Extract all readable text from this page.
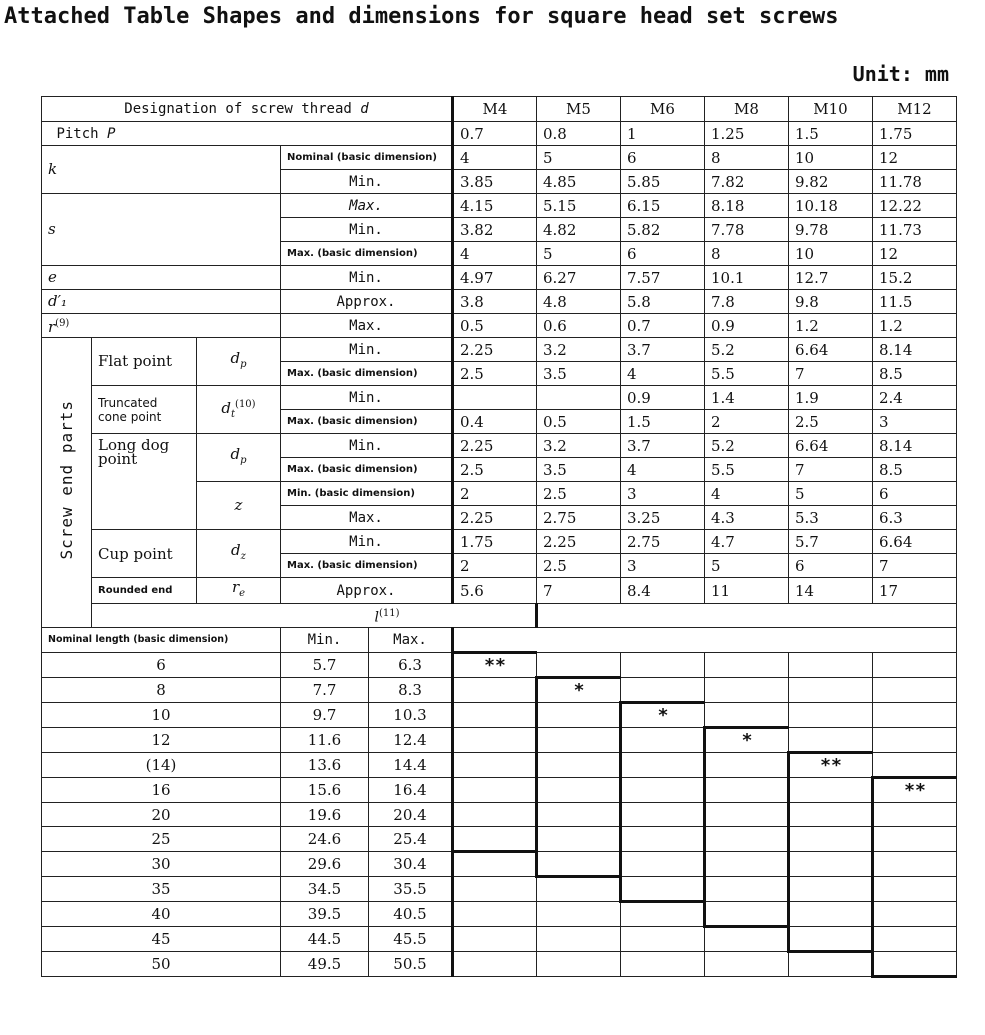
Attached Table Shapes and dimensions for square head set screws
Unit: mm
Designation of screw thread d					M4	M5	M6	M8	M10	M12
Pitch P					0.7	0.8	1	1.25	1.5	1.75
k			Nominal (basic dimension)		4	5	6	8	10	12
			Min.		3.85	4.85	5.85	7.82	9.82	11.78
s			Max.		4.15	5.15	6.15	8.18	10.18	12.22
			Min.		3.82	4.82	5.82	7.78	9.78	11.73
			Max. (basic dimension)		4	5	6	8	10	12
e			Min.		4.97	6.27	7.57	10.1	12.7	15.2
d′₁			Approx.		3.8	4.8	5.8	7.8	9.8	11.5
$r^{(9)}$			Max.		0.5	0.6	0.7	0.9	1.2	1.2
Screw end parts	Flat point	$d_p$	Min.		2.25	3.2	3.7	5.2	6.64	8.14
			Max. (basic dimension)		2.5	3.5	4	5.5	7	8.5
	Truncated cone point	$d_t^{(10)}$	Min.				0.9	1.4	1.9	2.4
			Max. (basic dimension)		0.4	0.5	1.5	2	2.5	3
	Long dog point	$d_p$	Min.		2.25	3.2	3.7	5.2	6.64	8.14
			Max. (basic dimension)		2.5	3.5	4	5.5	7	8.5
		z	Min. (basic dimension)		2	2.5	3	4	5	6
			Max.		2.25	2.75	3.25	4.3	5.3	6.3
	Cup point	$d_z$	Min.		1.75	2.25	2.75	4.7	5.7	6.64
			Max. (basic dimension)		2	2.5	3	5	6	7
	Rounded end	$r_e$	Approx.		5.6	7	8.4	11	14	17
				$l^{(11)}$	
Nominal length (basic dimension)			Min.	Max.						
6			5.7	6.3	**					
8			7.7	8.3		*				
10			9.7	10.3			*			
12			11.6	12.4				*		
(14)			13.6	14.4					**	
16			15.6	16.4						**
20			19.6	20.4						
25			24.6	25.4						
30			29.6	30.4						
35			34.5	35.5						
40			39.5	40.5						
45			44.5	45.5						
50			49.5	50.5						
